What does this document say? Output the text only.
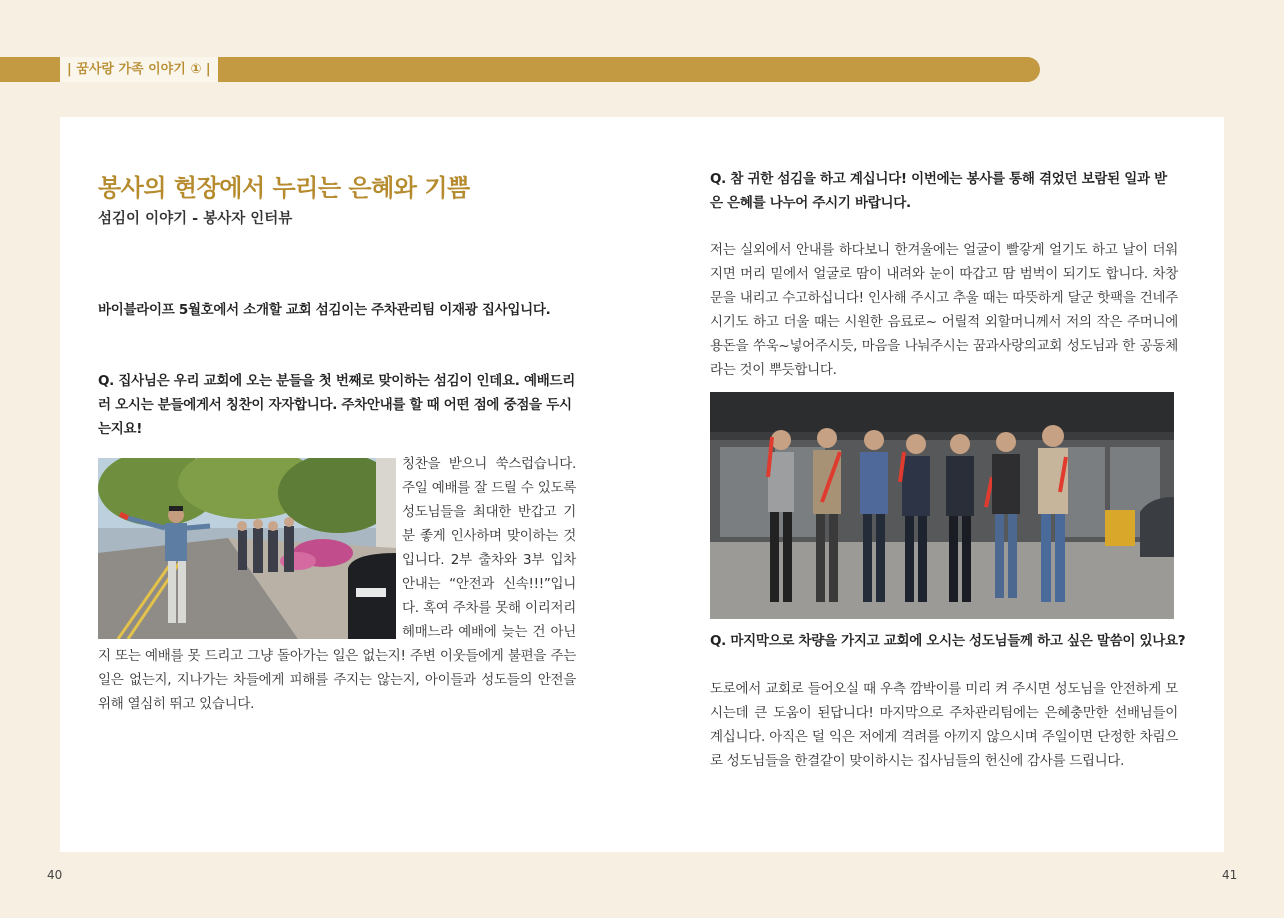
| 꿈사랑 가족 이야기 ① |
봉사의 현장에서 누리는 은혜와 기쁨
섬김이 이야기 - 봉사자 인터뷰
바이블라이프 5월호에서 소개할 교회 섬김이는 주차관리팀 이재광 집사입니다.
Q. 집사님은 우리 교회에 오는 분들을 첫 번째로 맞이하는 섬김이 인데요. 예배드리러 오시는 분들에게서 칭찬이 자자합니다. 주차안내를 할 때 어떤 점에 중점을 두시는지요!
칭찬을 받으니 쑥스럽습니다. 주일 예배를 잘 드릴 수 있도록 성도님들을 최대한 반갑고 기분 좋게 인사하며 맞이하는 것입니다. 2부 출차와 3부 입차 안내는 “안전과 신속!!!”입니다. 혹여 주차를 못해 이리저리 헤매느라 예배에 늦는 건 아닌지 또는 예배를 못 드리고 그냥 돌아가는 일은 없는지! 주변 이웃들에게 불편을 주는 일은 없는지, 지나가는 차들에게 피해를 주지는 않는지, 아이들과 성도들의 안전을 위해 열심히 뛰고 있습니다.
Q. 참 귀한 섬김을 하고 계십니다! 이번에는 봉사를 통해 겪었던 보람된 일과 받은 은혜를 나누어 주시기 바랍니다.
저는 실외에서 안내를 하다보니 한겨울에는 얼굴이 빨갛게 얼기도 하고 날이 더워지면 머리 밑에서 얼굴로 땀이 내려와 눈이 따갑고 땀 범벅이 되기도 합니다. 차창문을 내리고 수고하십니다! 인사해 주시고 추울 때는 따뜻하게 달군 핫팩을 건네주시기도 하고 더울 때는 시원한 음료로~ 어릴적 외할머니께서 저의 작은 주머니에 용돈을 쑤욱~넣어주시듯, 마음을 나눠주시는 꿈과사랑의교회 성도님과 한 공동체라는 것이 뿌듯합니다.
Q. 마지막으로 차량을 가지고 교회에 오시는 성도님들께 하고 싶은 말씀이 있나요?
도로에서 교회로 들어오실 때 우측 깜박이를 미리 켜 주시면 성도님을 안전하게 모시는데 큰 도움이 된답니다! 마지막으로 주차관리팀에는 은혜충만한 선배님들이 계십니다. 아직은 덜 익은 저에게 격려를 아끼지 않으시며 주일이면 단정한 차림으로 성도님들을 한결같이 맞이하시는 집사님들의 헌신에 감사를 드립니다.
40	41
